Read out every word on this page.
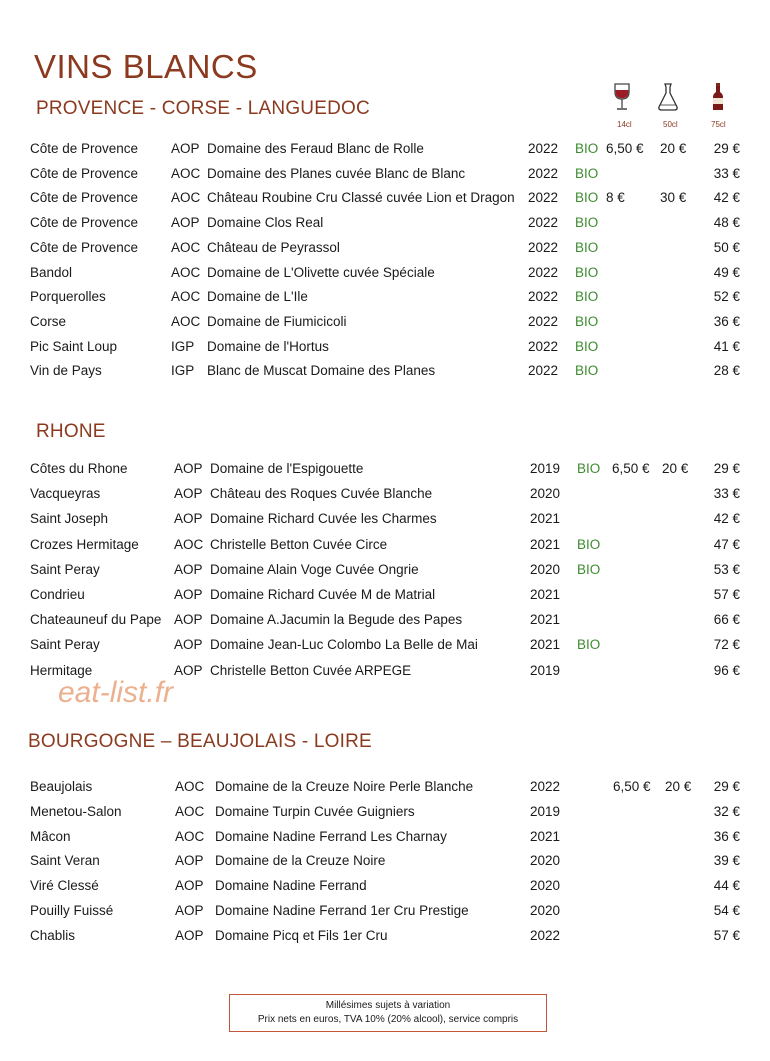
VINS BLANCS
14cl	50cl	75cl
PROVENCE - CORSE - LANGUEDOC
Côte de Provence AOP Domaine des Feraud Blanc de Rolle	2022 BIO 6,50 € 20 € 29 €
Côte de Provence AOC Domaine des Planes cuvée Blanc de Blanc	2022 BIO	33 €
Côte de Provence AOC Château Roubine Cru Classé cuvée Lion et Dragon 2022 BIO 8 €	30 € 42 €
Côte de Provence AOP Domaine Clos Real	2022 BIO	48 €
Côte de Provence AOC Château de Peyrassol	2022 BIO	50 €
Bandol	AOC Domaine de L'Olivette cuvée Spéciale	2022 BIO	49 €
Porquerolles	AOC Domaine de L'Ile	2022 BIO	52 €
Corse	AOC Domaine de Fiumicicoli	2022 BIO	36 €
Pic Saint Loup	IGP Domaine de l'Hortus	2022 BIO	41 €
Vin de Pays	IGP Blanc de Muscat Domaine des Planes	2022 BIO	28 €
RHONE
Côtes du Rhone	AOP Domaine de l'Espigouette	2019 BIO 6,50 € 20 € 29 €
Vacqueyras	AOP Château des Roques Cuvée Blanche	2020	33 €
Saint Joseph	AOP Domaine Richard Cuvée les Charmes	2021	42 €
Crozes Hermitage	AOC Christelle Betton Cuvée Circe	2021 BIO	47 €
Saint Peray	AOP Domaine Alain Voge Cuvée Ongrie	2020 BIO	53 €
Condrieu	AOP Domaine Richard Cuvée M de Matrial	2021	57 €
Chateauneuf du Pape AOP Domaine A.Jacumin la Begude des Papes	2021	66 €
Saint Peray	AOP Domaine Jean-Luc Colombo La Belle de Mai	2021 BIO	72 €
Hermitage	AOP Christelle Betton Cuvée ARPEGE	2019	96 €
eat-list.fr
BOURGOGNE – BEAUJOLAIS - LOIRE
Beaujolais	AOC Domaine de la Creuze Noire Perle Blanche	2022	6,50 € 20 € 29 €
Menetou-Salon	AOC Domaine Turpin Cuvée Guigniers	2019	32 €
Mâcon	AOC Domaine Nadine Ferrand Les Charnay	2021	36 €
Saint Veran	AOP Domaine de la Creuze Noire	2020	39 €
Viré Clessé	AOP Domaine Nadine Ferrand	2020	44 €
Pouilly Fuissé	AOP Domaine Nadine Ferrand 1er Cru Prestige	2020	54 €
Chablis	AOP Domaine Picq et Fils 1er Cru	2022	57 €
Millésimes sujets à variation
Prix nets en euros, TVA 10% (20% alcool), service compris
